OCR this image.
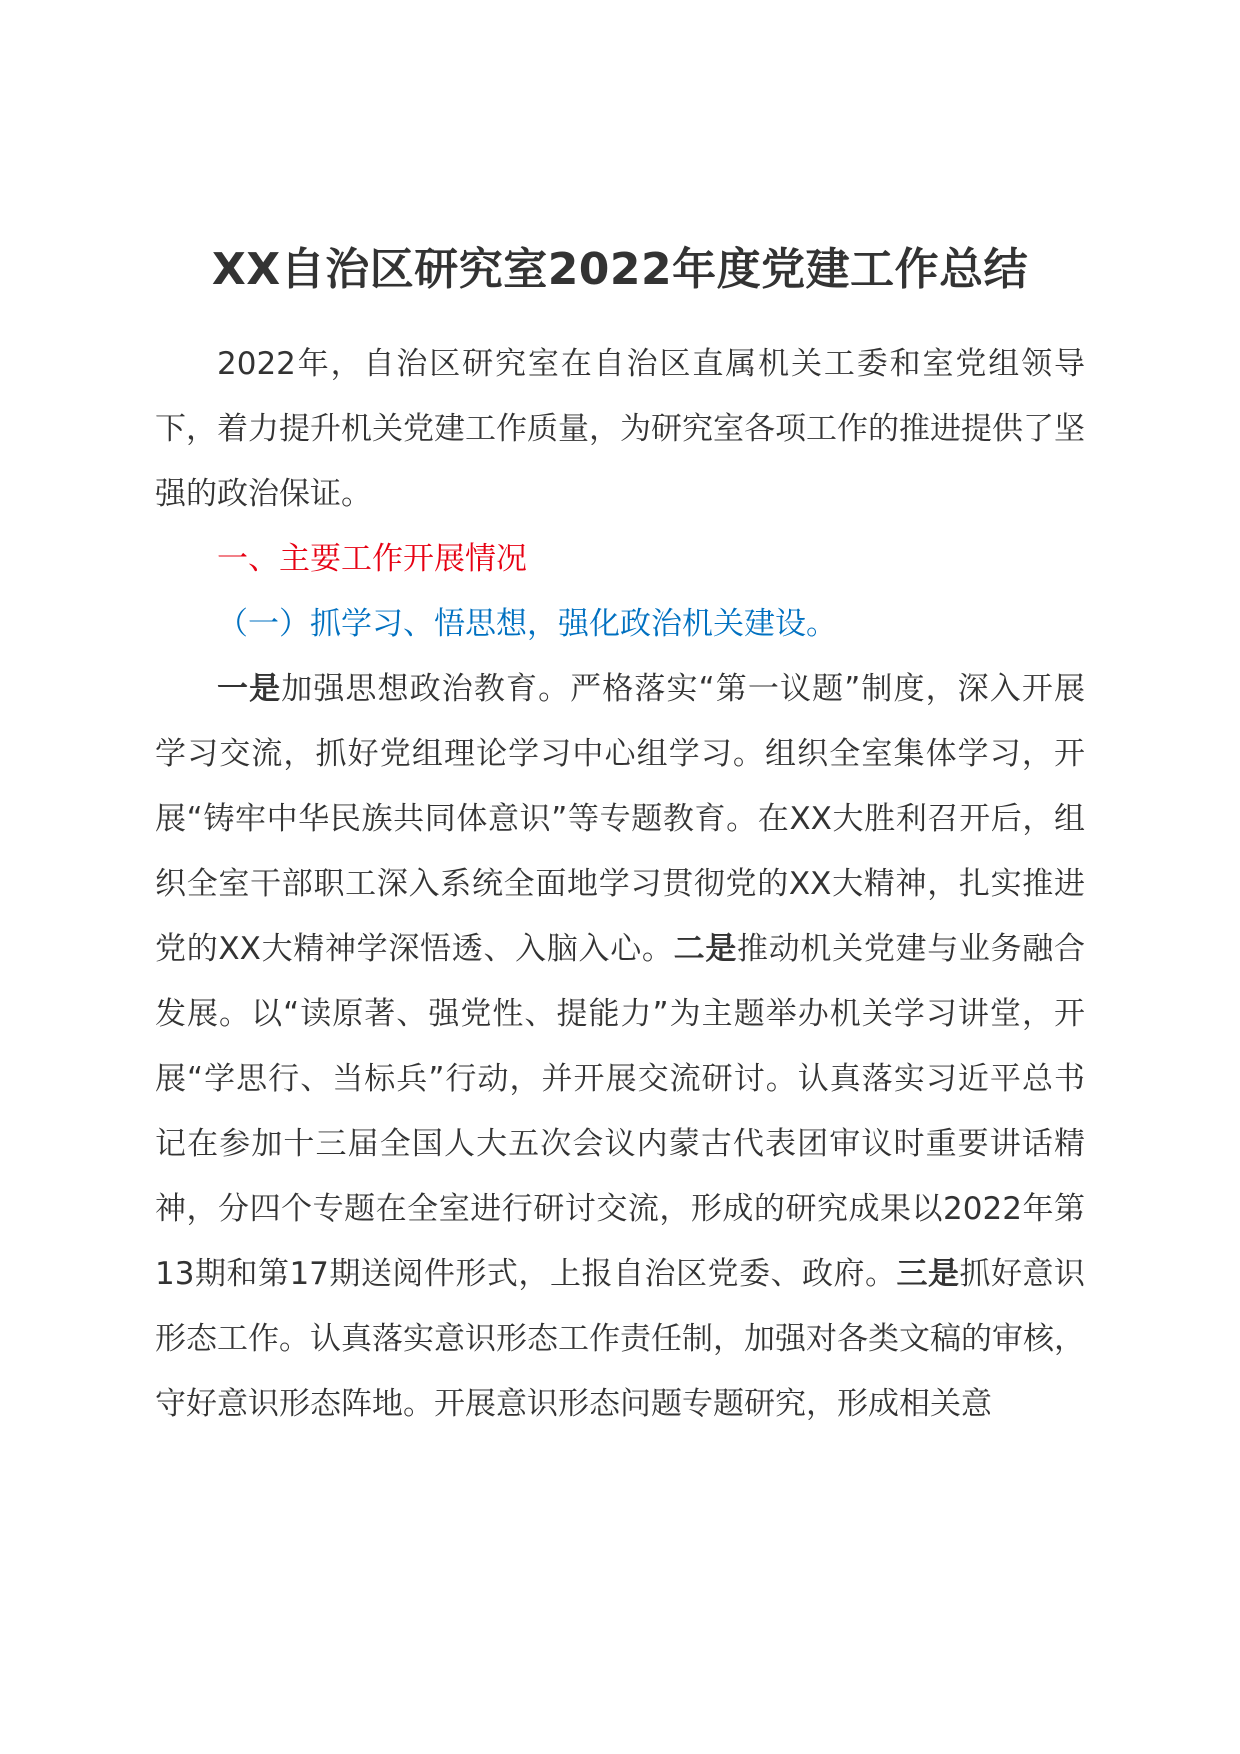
XX自治区研究室2022年度党建工作总结
2022年，自治区研究室在自治区直属机关工委和室党组领导下，着力提升机关党建工作质量，为研究室各项工作的推进提供了坚强的政治保证。
一、主要工作开展情况
（一）抓学习、悟思想，强化政治机关建设。
一是加强思想政治教育。严格落实“第一议题”制度，深入开展学习交流，抓好党组理论学习中心组学习。组织全室集体学习，开展“铸牢中华民族共同体意识”等专题教育。在XX大胜利召开后，组织全室干部职工深入系统全面地学习贯彻党的XX大精神，扎实推进党的XX大精神学深悟透、入脑入心。二是推动机关党建与业务融合发展。以“读原著、强党性、提能力”为主题举办机关学习讲堂，开展“学思行、当标兵”行动，并开展交流研讨。认真落实习近平总书记在参加十三届全国人大五次会议内蒙古代表团审议时重要讲话精神，分四个专题在全室进行研讨交流，形成的研究成果以2022年第13期和第17期送阅件形式，上报自治区党委、政府。三是抓好意识形态工作。认真落实意识形态工作责任制，加强对各类文稿的审核，守好意识形态阵地。开展意识形态问题专题研究，形成相关意
